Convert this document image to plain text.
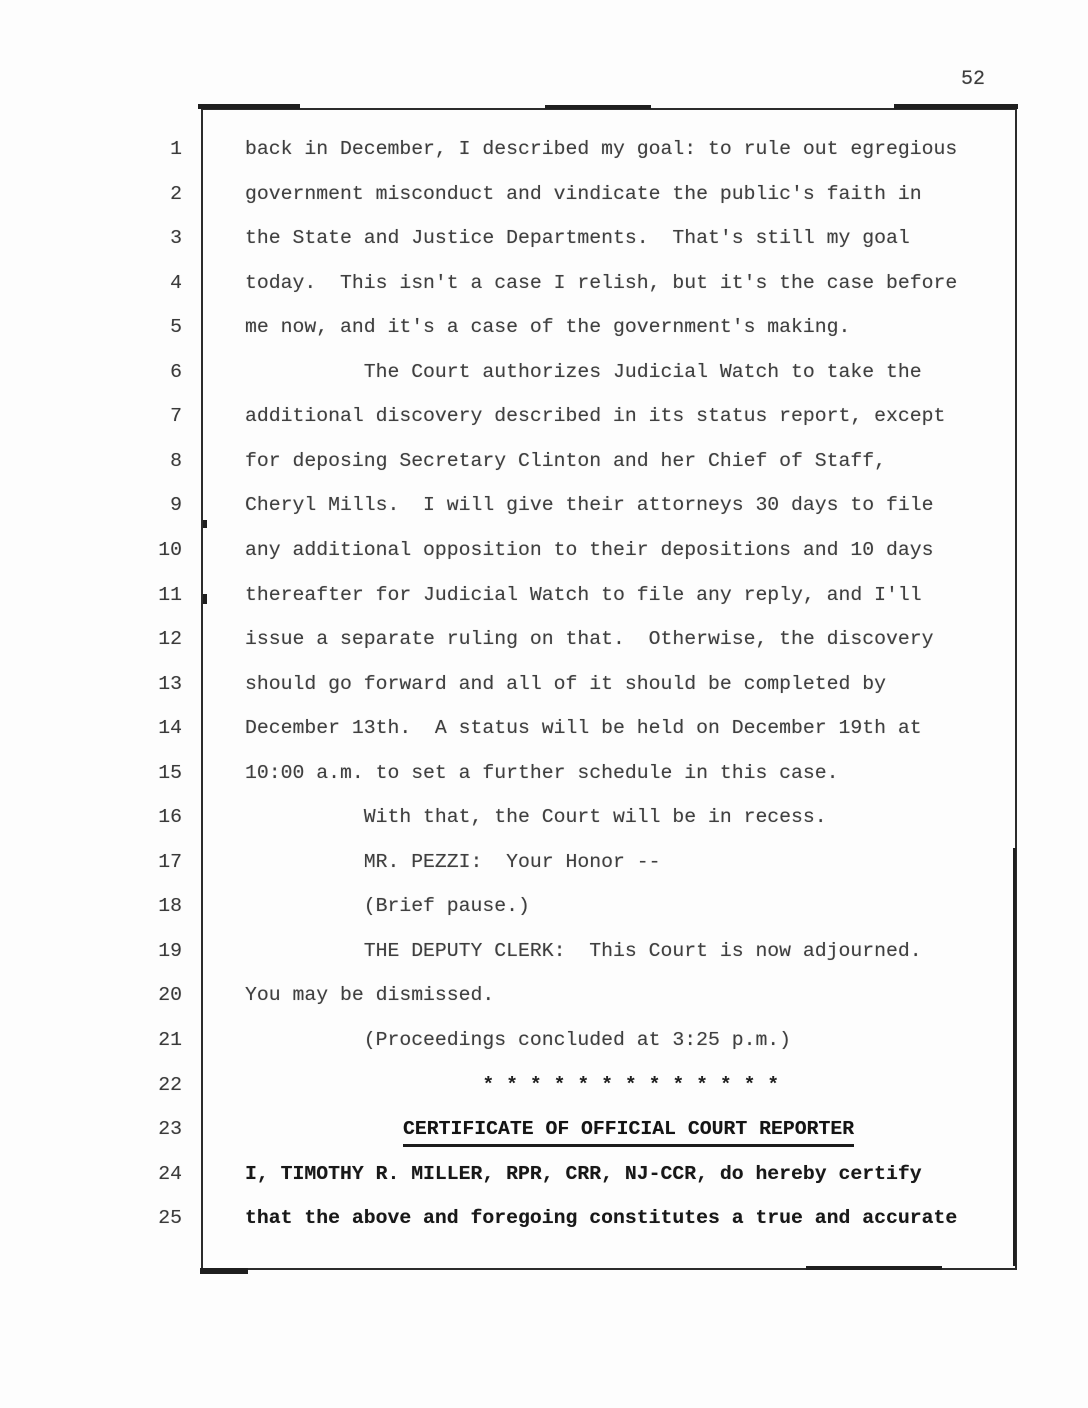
52
1	back in December, I described my goal: to rule out egregious
2	government misconduct and vindicate the public's faith in
3	the State and Justice Departments.  That's still my goal
4	today.  This isn't a case I relish, but it's the case before
5	me now, and it's a case of the government's making.
6	The Court authorizes Judicial Watch to take the
7	additional discovery described in its status report, except
8	for deposing Secretary Clinton and her Chief of Staff,
9	Cheryl Mills.  I will give their attorneys 30 days to file
10	any additional opposition to their depositions and 10 days
11	thereafter for Judicial Watch to file any reply, and I'll
12	issue a separate ruling on that.  Otherwise, the discovery
13	should go forward and all of it should be completed by
14	December 13th.  A status will be held on December 19th at
15	10:00 a.m. to set a further schedule in this case.
16	With that, the Court will be in recess.
17	MR. PEZZI:  Your Honor --
18	(Brief pause.)
19	THE DEPUTY CLERK:  This Court is now adjourned.
20	You may be dismissed.
21	(Proceedings concluded at 3:25 p.m.)
22	* * * * * * * * * * * * *
23	CERTIFICATE OF OFFICIAL COURT REPORTER
24	I, TIMOTHY R. MILLER, RPR, CRR, NJ-CCR, do hereby certify
25	that the above and foregoing constitutes a true and accurate
